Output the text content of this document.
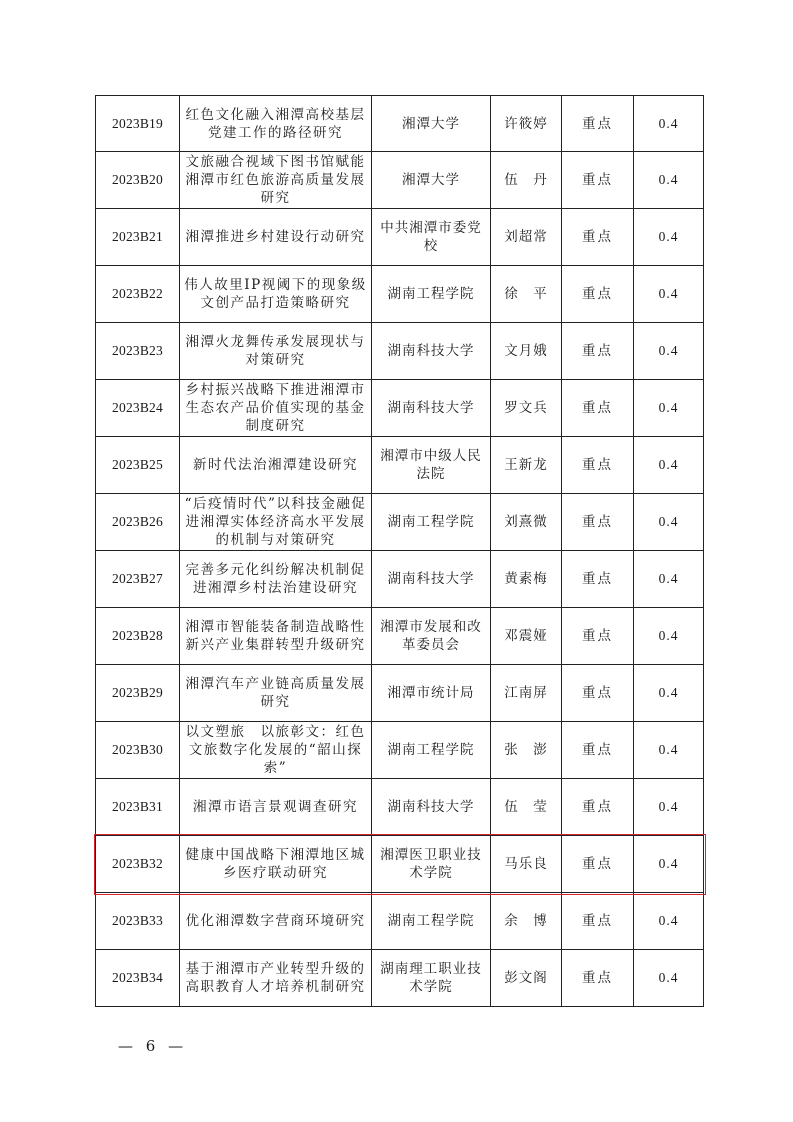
2023B19	红色文化融入湘潭高校基层党建工作的路径研究	湘潭大学	许筱婷	重点	0.4
2023B20	文旅融合视域下图书馆赋能湘潭市红色旅游高质量发展研究	湘潭大学	伍　丹	重点	0.4
2023B21	湘潭推进乡村建设行动研究	中共湘潭市委党校	刘超常	重点	0.4
2023B22	伟人故里IP视阈下的现象级文创产品打造策略研究	湖南工程学院	徐　平	重点	0.4
2023B23	湘潭火龙舞传承发展现状与对策研究	湖南科技大学	文月娥	重点	0.4
2023B24	乡村振兴战略下推进湘潭市生态农产品价值实现的基金制度研究	湖南科技大学	罗文兵	重点	0.4
2023B25	新时代法治湘潭建设研究	湘潭市中级人民法院	王新龙	重点	0.4
2023B26	“后疫情时代”以科技金融促进湘潭实体经济高水平发展的机制与对策研究	湖南工程学院	刘熹微	重点	0.4
2023B27	完善多元化纠纷解决机制促进湘潭乡村法治建设研究	湖南科技大学	黄素梅	重点	0.4
2023B28	湘潭市智能装备制造战略性新兴产业集群转型升级研究	湘潭市发展和改革委员会	邓震娅	重点	0.4
2023B29	湘潭汽车产业链高质量发展研究	湘潭市统计局	江南屏	重点	0.4
2023B30	以文塑旅　以旅彰文：红色文旅数字化发展的“韶山探索”	湖南工程学院	张　澎	重点	0.4
2023B31	湘潭市语言景观调查研究	湖南科技大学	伍　莹	重点	0.4
2023B32	健康中国战略下湘潭地区城乡医疗联动研究	湘潭医卫职业技术学院	马乐良	重点	0.4
2023B33	优化湘潭数字营商环境研究	湖南工程学院	余　博	重点	0.4
2023B34	基于湘潭市产业转型升级的高职教育人才培养机制研究	湖南理工职业技术学院	彭文阁	重点	0.4
— 6 —
